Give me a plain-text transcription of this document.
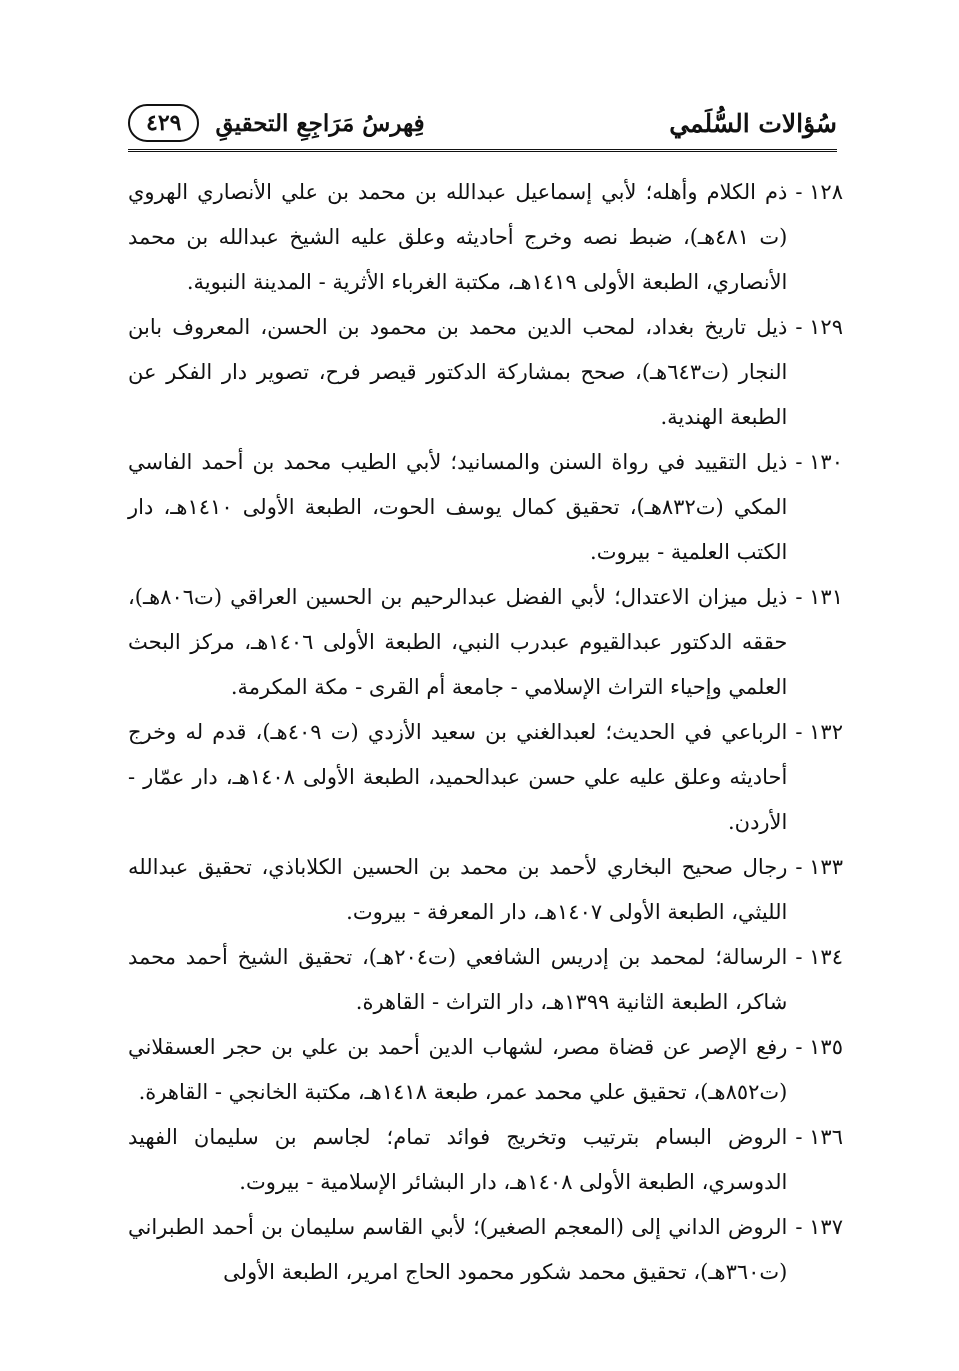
سُؤالات السُّلَمي
فِهرسُ مَرَاجِعِ التحقيقِ
٤٢٩
١٢٨ -
ذم الكلام وأهله؛ لأبي إسماعيل عبدالله بن محمد بن علي الأنصاري الهروي (ت ٤٨١هـ)، ضبط نصه وخرج أحاديثه وعلق عليه الشيخ عبدالله بن محمد الأنصاري، الطبعة الأولى ١٤١٩هـ، مكتبة الغرباء الأثرية - المدينة النبوية.
١٢٩ -
ذيل تاريخ بغداد، لمحب الدين محمد بن محمود بن الحسن، المعروف بابن النجار (ت٦٤٣هـ)، صحح بمشاركة الدكتور قيصر فرح، تصوير دار الفكر عن الطبعة الهندية.
١٣٠ -
ذيل التقييد في رواة السنن والمسانيد؛ لأبي الطيب محمد بن أحمد الفاسي المكي (ت٨٣٢هـ)، تحقيق كمال يوسف الحوت، الطبعة الأولى ١٤١٠هـ، دار الكتب العلمية - بيروت.
١٣١ -
ذيل ميزان الاعتدال؛ لأبي الفضل عبدالرحيم بن الحسين العراقي (ت٨٠٦هـ)، حققه الدكتور عبدالقيوم عبدرب النبي، الطبعة الأولى ١٤٠٦هـ، مركز البحث العلمي وإحياء التراث الإسلامي - جامعة أم القرى - مكة المكرمة.
١٣٢ -
الرباعي في الحديث؛ لعبدالغني بن سعيد الأزدي (ت ٤٠٩هـ)، قدم له وخرج أحاديثه وعلق عليه علي حسن عبدالحميد، الطبعة الأولى ١٤٠٨هـ، دار عمّار - الأردن.
١٣٣ -
رجال صحيح البخاري لأحمد بن محمد بن الحسين الكلاباذي، تحقيق عبدالله الليثي، الطبعة الأولى ١٤٠٧هـ، دار المعرفة - بيروت.
١٣٤ -
الرسالة؛ لمحمد بن إدريس الشافعي (ت٢٠٤هـ)، تحقيق الشيخ أحمد محمد شاكر، الطبعة الثانية ١٣٩٩هـ، دار التراث - القاهرة.
١٣٥ -
رفع الإصر عن قضاة مصر، لشهاب الدين أحمد بن علي بن حجر العسقلاني (ت٨٥٢هـ)، تحقيق علي محمد عمر، طبعة ١٤١٨هـ، مكتبة الخانجي - القاهرة.
١٣٦ -
الروض البسام بترتيب وتخريج فوائد تمام؛ لجاسم بن سليمان الفهيد الدوسري، الطبعة الأولى ١٤٠٨هـ، دار البشائر الإسلامية - بيروت.
١٣٧ -
الروض الداني إلى (المعجم الصغير)؛ لأبي القاسم سليمان بن أحمد الطبراني (ت٣٦٠هـ)، تحقيق محمد شكور محمود الحاج امرير، الطبعة الأولى
